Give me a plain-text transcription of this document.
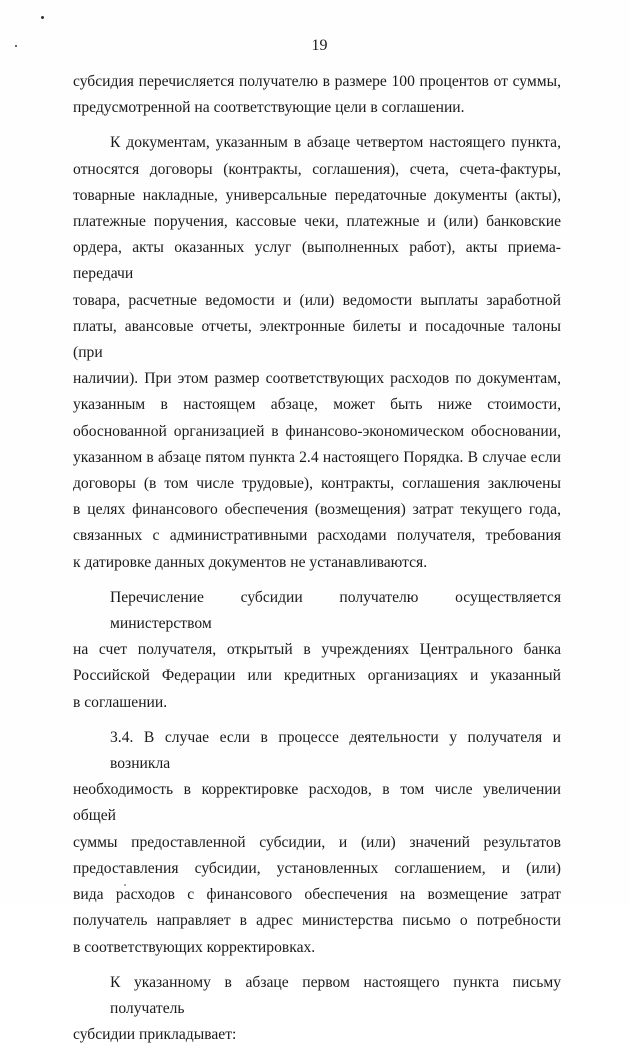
19

субсидия перечисляется получателю в размере 100 процентов от суммы,
предусмотренной на соответствующие цели в соглашении.

К документам, указанным в абзаце четвертом настоящего пункта,
относятся договоры (контракты, соглашения), счета, счета-фактуры,
товарные накладные, универсальные передаточные документы (акты),
платежные поручения, кассовые чеки, платежные и (или) банковские
ордера, акты оказанных услуг (выполненных работ), акты приема-передачи
товара, расчетные ведомости и (или) ведомости выплаты заработной
платы, авансовые отчеты, электронные билеты и посадочные талоны (при
наличии). При этом размер соответствующих расходов по документам,
указанным в настоящем абзаце, может быть ниже стоимости,
обоснованной организацией в финансово-экономическом обосновании,
указанном в абзаце пятом пункта 2.4 настоящего Порядка. В случае если
договоры (в том числе трудовые), контракты, соглашения заключены
в целях финансового обеспечения (возмещения) затрат текущего года,
связанных с административными расходами получателя, требования
к датировке данных документов не устанавливаются.

Перечисление субсидии получателю осуществляется министерством
на счет получателя, открытый в учреждениях Центрального банка
Российской Федерации или кредитных организациях и указанный
в соглашении.

3.4. В случае если в процессе деятельности у получателя и возникла
необходимость в корректировке расходов, в том числе увеличении общей
суммы предоставленной субсидии, и (или) значений результатов
предоставления субсидии, установленных соглашением, и (или)
вида расходов с финансового обеспечения на возмещение затрат
получатель направляет в адрес министерства письмо о потребности
в соответствующих корректировках.

К указанному в абзаце первом настоящего пункта письму получатель
субсидии прикладывает:
